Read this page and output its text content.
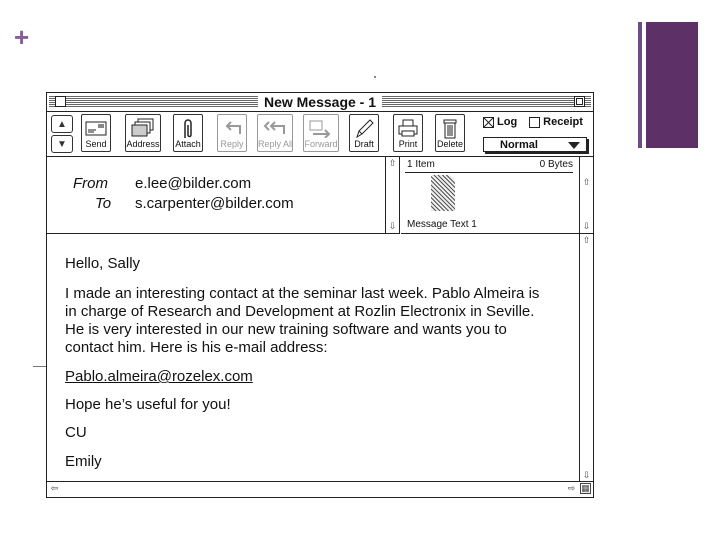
+
New Message - 1
▲
▼	Send	Address Attach Reply Reply All Forward	Draft	Print	Delete
Log Receipt
Normal
From e.lee@bilder.com
To s.carpenter@bilder.com
⇧
⇩
1 Item	0 Bytes
Message Text 1
⇧
⇩

Hello, Sally

I made an interesting contact at the seminar last week. Pablo Almeira is

in charge of Research and Development at Rozlin Electronix in Seville.

He is very interested in our new training software and wants you to

contact him. Here is his e-mail address:

Pablo.almeira@rozelex.com

Hope he’s useful for you!

CU

Emily

⇧
⇩
⇦	⇨ ▦
